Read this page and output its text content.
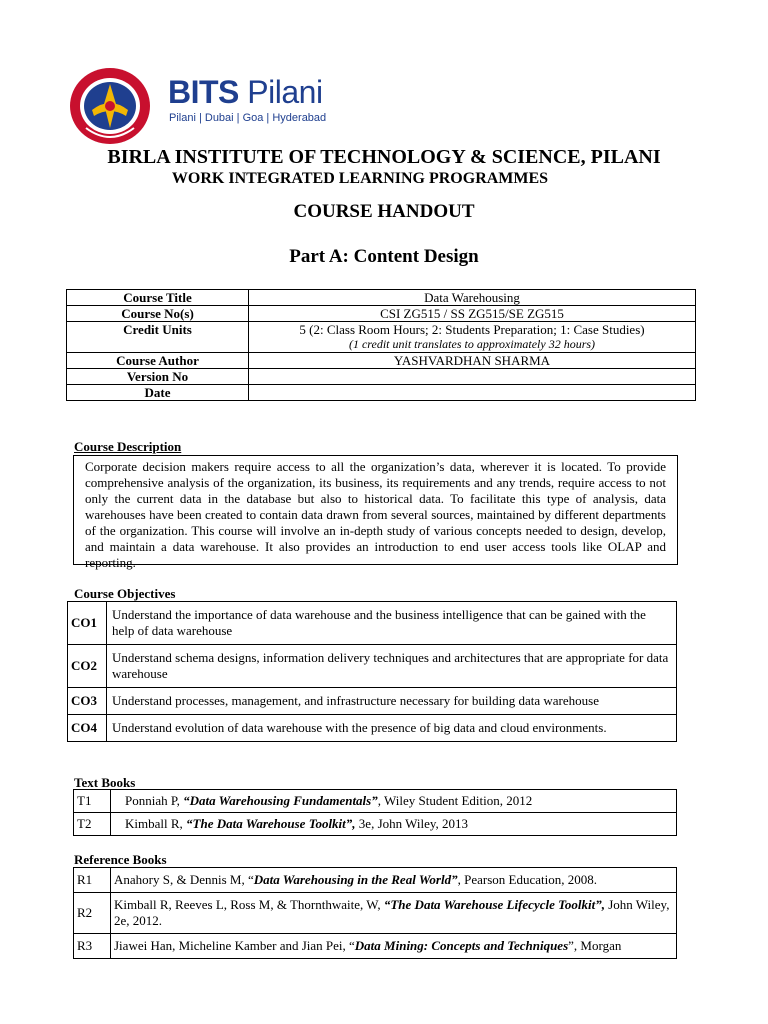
BITS Pilani
Pilani | Dubai | Goa | Hyderabad
BIRLA INSTITUTE OF TECHNOLOGY & SCIENCE, PILANI
WORK INTEGRATED LEARNING PROGRAMMES
COURSE HANDOUT
Part A: Content Design
Course Title	Data Warehousing
Course No(s)	CSI ZG515 / SS ZG515/SE ZG515
Credit Units	5 (2: Class Room Hours; 2: Students Preparation; 1: Case Studies)
(1 credit unit translates to approximately 32 hours)

Course Author	YASHVARDHAN SHARMA
Version No	
Date	
Course Description
Corporate decision makers require access to all the organization’s data, wherever it is located. To provide comprehensive analysis of the organization, its business, its requirements and any trends, require access to not only the current data in the database but also to historical data. To facilitate this type of analysis, data warehouses have been created to contain data drawn from several sources, maintained by different departments of the organization. This course will involve an in-depth study of various concepts needed to design, develop, and maintain a data warehouse. It also provides an introduction to end user access tools like OLAP and reporting.
Course Objectives
CO1	Understand the importance of data warehouse and the business intelligence that can be gained with the help of data warehouse
CO2	Understand schema designs, information delivery techniques and architectures that are appropriate for data warehouse
CO3	Understand processes, management, and infrastructure necessary for building data warehouse
CO4	Understand evolution of data warehouse with the presence of big data and cloud environments.
Text Books
T1	Ponniah P, “Data Warehousing Fundamentals”, Wiley Student Edition, 2012
T2	Kimball R, “The Data Warehouse Toolkit”, 3e, John Wiley, 2013
Reference Books
R1	Anahory S, & Dennis M, “Data Warehousing in the Real World”, Pearson Education, 2008.
R2	Kimball R, Reeves L, Ross M, & Thornthwaite, W, “The Data Warehouse Lifecycle Toolkit”, John Wiley, 2e, 2012.
R3	Jiawei Han, Micheline Kamber and Jian Pei, “Data Mining: Concepts and Techniques”, Morgan
